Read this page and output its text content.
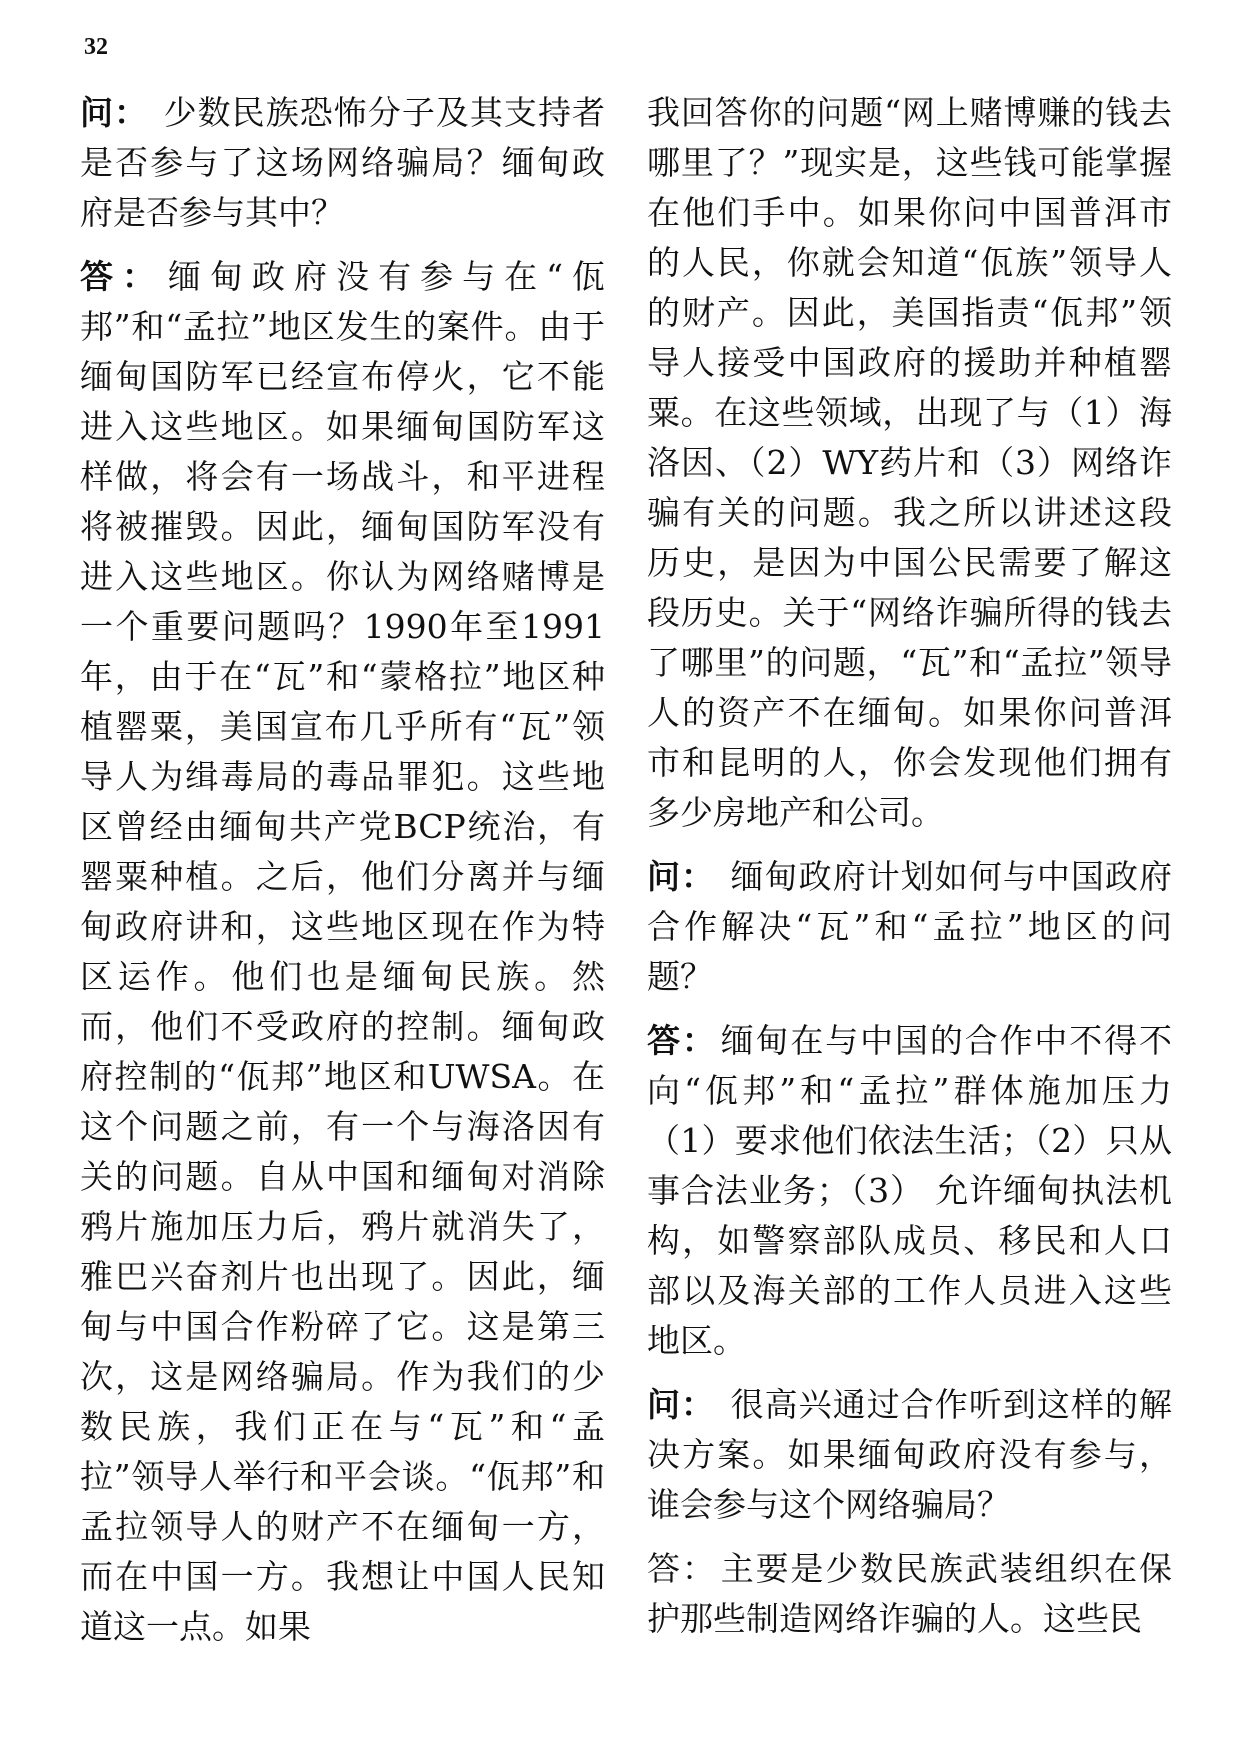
32

问： 少数民族恐怖分子及其支持者是否参与了这场网络骗局？缅甸政府是否参与其中？

答： 缅甸政府没有参与在“佤邦”和“孟拉”地区发生的案件。由于缅甸国防军已经宣布停火，它不能进入这些地区。如果缅甸国防军这样做，将会有一场战斗，和平进程将被摧毁。因此，缅甸国防军没有进入这些地区。你认为网络赌博是一个重要问题吗？1990年至1991年，由于在“瓦”和“蒙格拉”地区种植罂粟，美国宣布几乎所有“瓦”领导人为缉毒局的毒品罪犯。这些地区曾经由缅甸共产党BCP统治，有罂粟种植。之后，他们分离并与缅甸政府讲和，这些地区现在作为特区运作。他们也是缅甸民族。然而，他们不受政府的控制。缅甸政府控制的“佤邦”地区和UWSA。在这个问题之前，有一个与海洛因有关的问题。自从中国和缅甸对消除鸦片施加压力后，鸦片就消失了，雅巴兴奋剂片也出现了。因此，缅甸与中国合作粉碎了它。这是第三次，这是网络骗局。作为我们的少数民族，我们正在与“瓦”和“孟拉”领导人举行和平会谈。“佤邦”和孟拉领导人的财产不在缅甸一方，而在中国一方。我想让中国人民知道这一点。如果

我回答你的问题“网上赌博赚的钱去哪里了？”现实是，这些钱可能掌握在他们手中。如果你问中国普洱市的人民，你就会知道“佤族”领导人的财产。因此，美国指责“佤邦”领导人接受中国政府的援助并种植罂粟。在这些领域，出现了与（1）海洛因、（2）WY药片和（3）网络诈骗有关的问题。我之所以讲述这段历史，是因为中国公民需要了解这段历史。关于“网络诈骗所得的钱去了哪里”的问题，“瓦”和“孟拉”领导人的资产不在缅甸。如果你问普洱市和昆明的人，你会发现他们拥有多少房地产和公司。

问： 缅甸政府计划如何与中国政府合作解决“瓦”和“孟拉”地区的问题？

答： 缅甸在与中国的合作中不得不向“佤邦”和“孟拉”群体施加压力（1）要求他们依法生活；（2）只从事合法业务；（3） 允许缅甸执法机构，如警察部队成员、移民和人口部以及海关部的工作人员进入这些地区。

问： 很高兴通过合作听到这样的解决方案。如果缅甸政府没有参与，谁会参与这个网络骗局？

答： 主要是少数民族武装组织在保护那些制造网络诈骗的人。这些民
